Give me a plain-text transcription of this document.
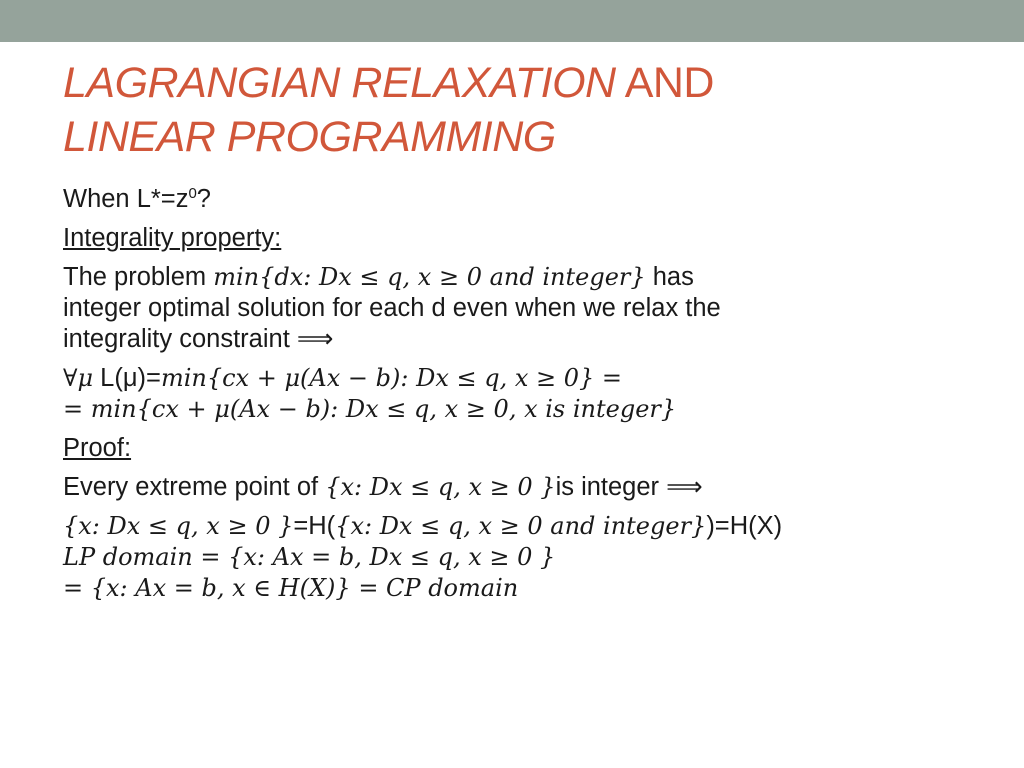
LAGRANGIAN RELAXATION AND
LINEAR PROGRAMMING
When $L*=z^0$?
Integrality property:
The problem min{dx: Dx ≤ q, x ≥ 0 and integer} has
integer optimal solution for each d even when we relax the
integrality constraint ⟹
∀μ L(μ)=min{cx + μ(Ax − b): Dx ≤ q, x ≥ 0} =
= min{cx + μ(Ax − b): Dx ≤ q, x ≥ 0, x is integer}
Proof:
Every extreme point of {x: Dx ≤ q, x ≥ 0 }is integer ⟹
{x: Dx ≤ q, x ≥ 0 }=H({x: Dx ≤ q, x ≥ 0 and integer})=H(X)
LP domain = {x: Ax = b, Dx ≤ q, x ≥ 0 }
= {x: Ax = b, x ∈ H(X)} = CP domain
